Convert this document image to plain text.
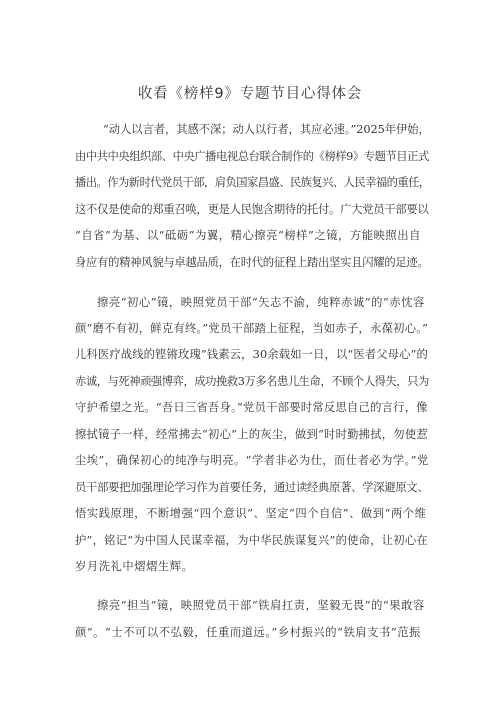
收看《榜样9》专题节目心得体会
“动人以言者，其感不深；动人以行者，其应必速。”2025年伊始，
由中共中央组织部、中央广播电视总台联合制作的《榜样9》专题节目正式
播出。作为新时代党员干部，肩负国家昌盛、民族复兴、人民幸福的重任，
这不仅是使命的郑重召唤，更是人民饱含期待的托付。广大党员干部要以
“自省”为基、以“砥砺”为翼，精心擦亮“榜样”之镜，方能映照出自
身应有的精神风貌与卓越品质，在时代的征程上踏出坚实且闪耀的足迹。
擦亮“初心”镜，映照党员干部“矢志不渝，纯粹赤诚”的“赤忱容
颜“磨不有初，鲜克有终。”党员干部踏上征程，当如赤子，永葆初心。”
儿科医疗战线的铿锵玫瑰”钱素云，30余载如一日，以“医者父母心”的
赤诚，与死神顽强博弈，成功挽救3万多名患儿生命，不顾个人得失，只为
守护希望之光。“吾日三省吾身。”党员干部要时常反思自己的言行，像
擦拭镜子一样，经常拂去“初心”上的灰尘，做到“时时勤拂拭，勿使惹
尘埃”，确保初心的纯净与明亮。“学者非必为仕，而仕者必为学。”党
员干部要把加强理论学习作为首要任务，通过读经典原著、学深避原文、
悟实践原理，不断增强“四个意识”、坚定“四个自信”、做到“两个维
护”，铭记“为中国人民谋幸福，为中华民族谋复兴”的使命，让初心在
岁月洗礼中熠熠生辉。
擦亮“担当”镜，映照党员干部“铁肩扛责，坚毅无畏”的“果敢容
颜”。“士不可以不弘毅，任重而道远。”乡村振兴的“铁肩支书”范振
